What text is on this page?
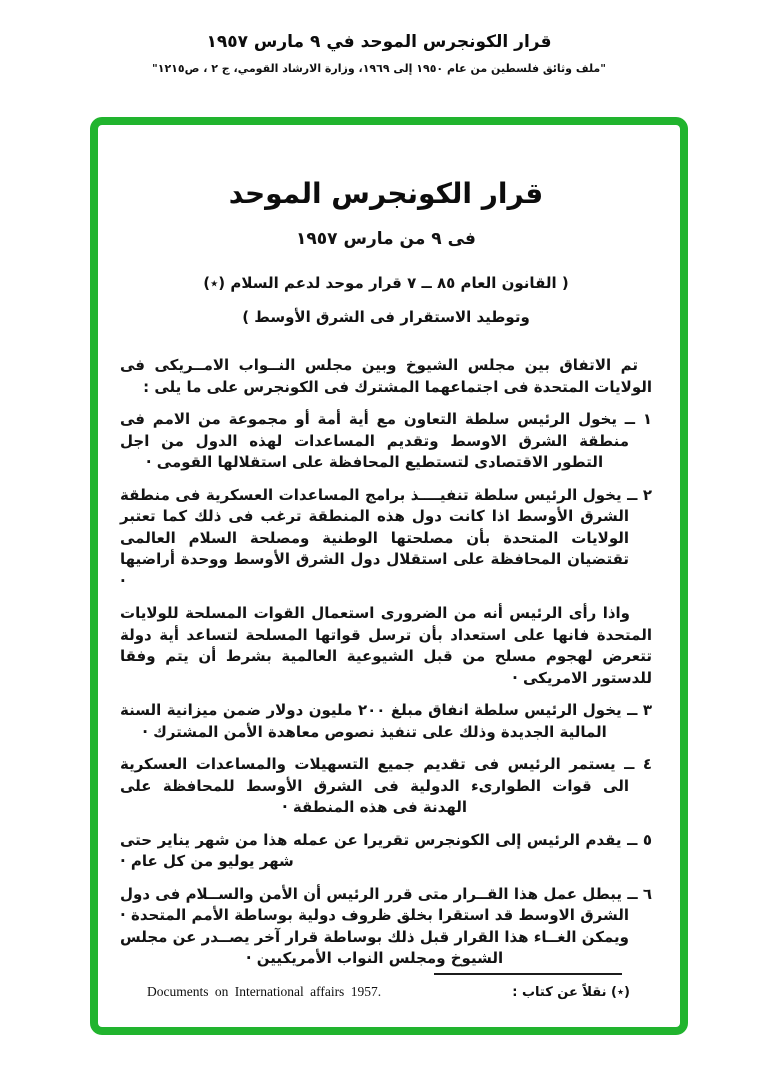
قرار الكونجرس الموحد في ٩ مارس ١٩٥٧
"ملف وثائق فلسطين من عام ١٩٥٠ إلى ١٩٦٩، وزارة الارشاد القومي، ج ٢ ، ص١٢١٥"
قرار الكونجرس الموحد
فى ٩ من مارس ١٩٥٧
( القانون العام ٨٥ ــ ٧ قرار موحد لدعم السلام (٭)
وتوطيد الاستقرار فى الشرق الأوسط )

تم الاتفاق بين مجلس الشيوخ وبين مجلس النــواب الامــريكى فى الولايات المتحدة فى اجتماعهما المشترك فى الكونجرس على ما يلى :

١ ــ يخول الرئيس سلطة التعاون مع أية أمة أو مجموعة من الامم فى منطقة الشرق الاوسط وتقديم المساعدات لهذه الدول من اجل التطور الاقتصادى لتستطيع المحافظة على استقلالها القومى ·
٢ ــ يخول الرئيس سلطة تنفيــــذ برامج المساعدات العسكرية فى منطقة الشرق الأوسط اذا كانت دول هذه المنطقة ترغب فى ذلك كما تعتبر الولايات المتحدة بأن مصلحتها الوطنية ومصلحة السلام العالمى تقتضيان المحافظة على استقلال دول الشرق الأوسط ووحدة أراضيها ·

واذا رأى الرئيس أنه من الضرورى استعمال القوات المسلحة للولايات المتحدة فانها على استعداد بأن ترسل قواتها المسلحة لتساعد أية دولة تتعرض لهجوم مسلح من قبل الشيوعية العالمية بشرط أن يتم وفقا للدستور الامريكى ·

٣ ــ يخول الرئيس سلطة انفاق مبلغ ٢٠٠ مليون دولار ضمن ميزانية السنة المالية الجديدة وذلك على تنفيذ نصوص معاهدة الأمن المشترك ·
٤ ــ يستمر الرئيس فى تقديم جميع التسهيلات والمساعدات العسكرية الى قوات الطوارىء الدولية فى الشرق الأوسط للمحافظة على الهدنة فى هذه المنطقة ·
٥ ــ يقدم الرئيس إلى الكونجرس تقريرا عن عمله هذا من شهر يناير حتى شهر يوليو من كل عام ·
٦ ــ يبطل عمل هذا القــرار متى قرر الرئيس أن الأمن والســلام فى دول الشرق الاوسط قد استقرا بخلق ظروف دولية بوساطة الأمم المتحدة · ويمكن الغــاء هذا القرار قبل ذلك بوساطة قرار آخر يصــدر عن مجلس الشيوخ ومجلس النواب الأمريكيين ·
Documents on International affairs 1957.	(٭) نقلاً عن كتاب :
